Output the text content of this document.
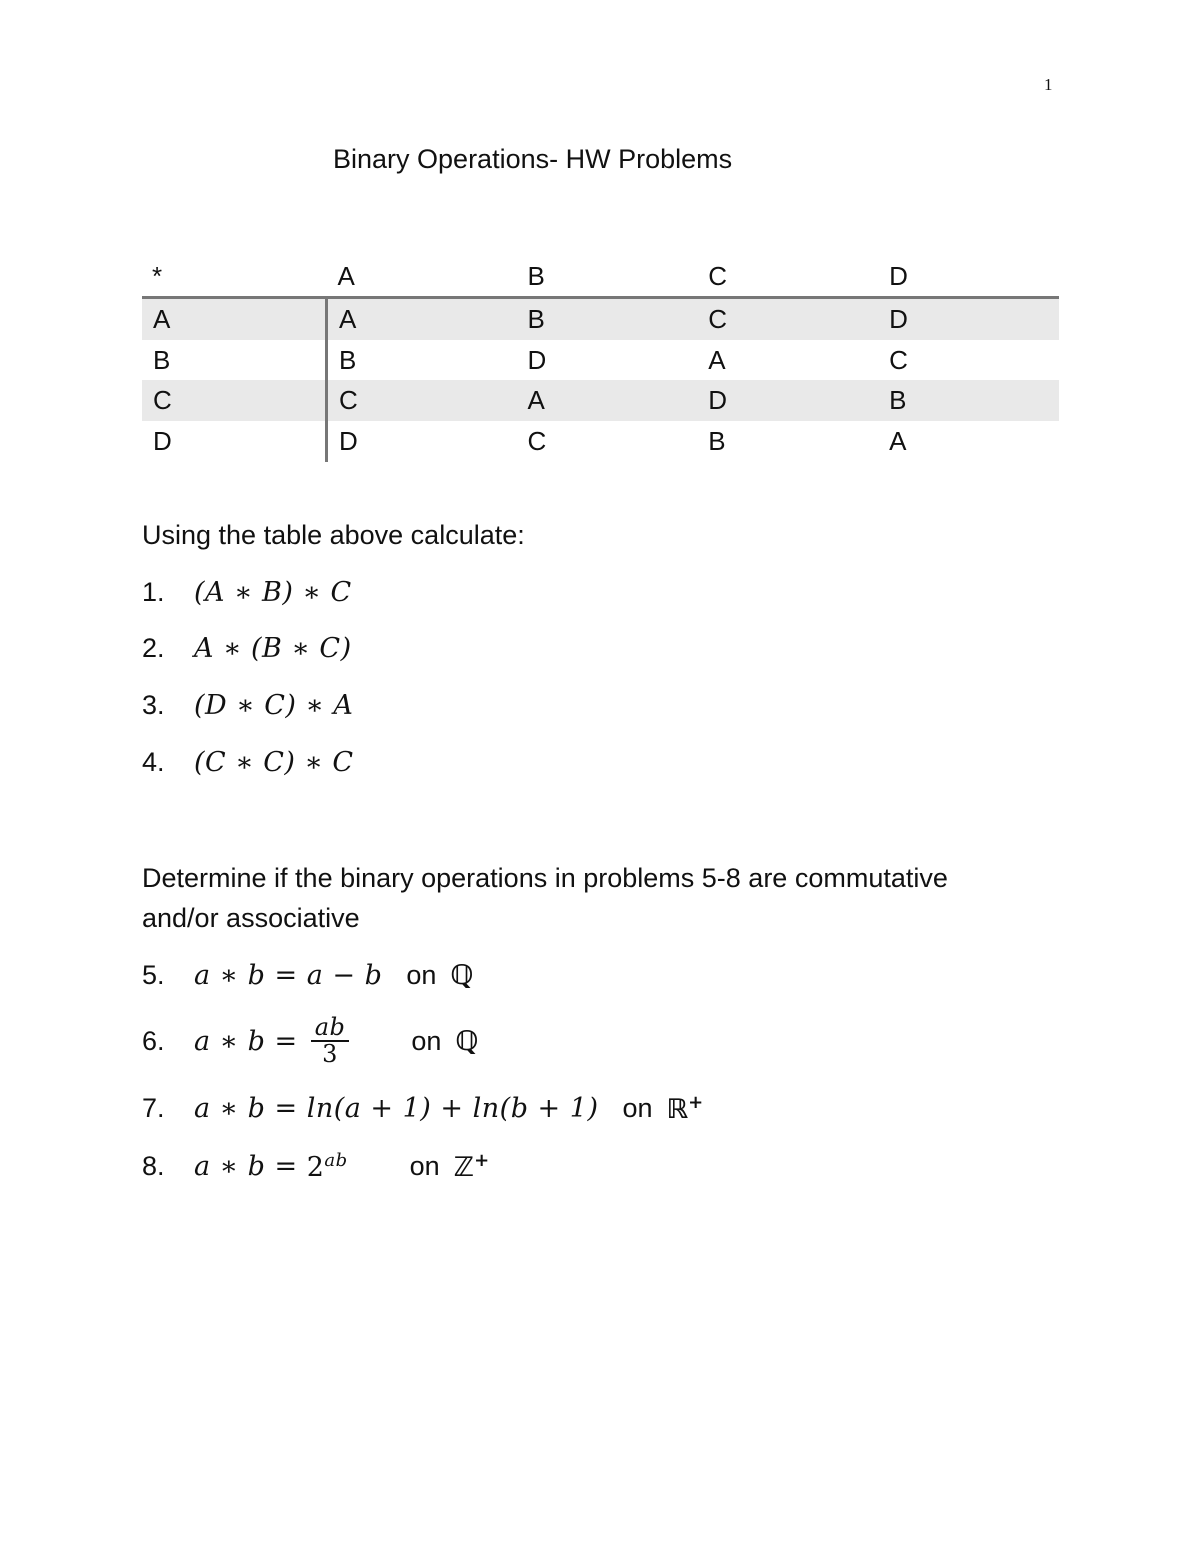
1
Binary Operations- HW Problems
*	A	B	C	D
A	A	B	C	D
B	B	D	A	C
C	C	A	D	B
D	D	C	B	A
Using the table above calculate:
1.	(A ∗ B) ∗ C
2.	A ∗ (B ∗ C)
3.	(D ∗ C) ∗ A
4.	(C ∗ C) ∗ C
Determine if the binary operations in problems 5-8 are commutative
and/or associative
5.	a ∗ b = a − b on ℚ
6.	a ∗ $b = \frac{ab}{3}$ on ℚ
7.	a ∗ b = ln(a + 1) + ln(b + 1) on ℝ+
8.	a ∗ $b = 2^{ab}$ on ℤ+
